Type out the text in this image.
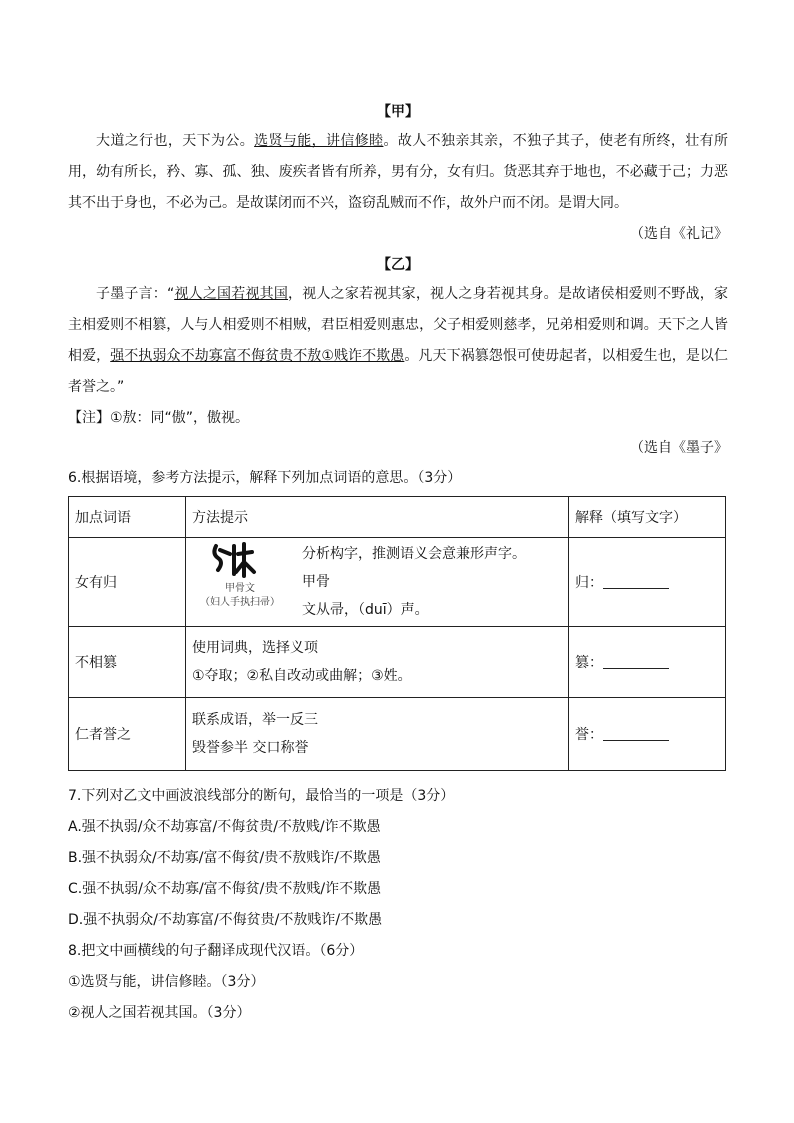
【甲】

大道之行也，天下为公。选贤与能，讲信修睦。故人不独亲其亲，不独子其子，使老有所终，壮有所用，幼有所长，矜、寡、孤、独、废疾者皆有所养，男有分，女有归。货恶其弃于地也，不必藏于己；力恶其不出于身也，不必为己。是故谋闭而不兴，盗窃乱贼而不作，故外户而不闭。是谓大同。

（选自《礼记》

【乙】

子墨子言：“视人之国若视其国，视人之家若视其家，视人之身若视其身。是故诸侯相爱则不野战，家主相爱则不相篡，人与人相爱则不相贼，君臣相爱则惠忠，父子相爱则慈孝，兄弟相爱则和调。天下之人皆相爱，强不执弱众不劫寡富不侮贫贵不敖①贱诈不欺愚。凡天下祸篡怨恨可使毋起者，以相爱生也，是以仁者誉之。”

【注】①敖：同“傲”，傲视。

（选自《墨子》

6.根据语境，参考方法提示，解释下列加点词语的意思。（3分）

加点词语	方法提示	解释（填写文字）
女有归	甲骨文
（妇人手执扫帚）
分析构字，推测语义会意兼形声字。甲骨
文从帚，（duī）声。	归：
不相篡	使用词典，选择义项
①夺取；②私自改动或曲解；③姓。	篡：
仁者誉之	联系成语，举一反三
毁誉参半 交口称誉	誉：

7.下列对乙文中画波浪线部分的断句，最恰当的一项是（3分）

A.强不执弱/众不劫寡富/不侮贫贵/不敖贱/诈不欺愚

B.强不执弱众/不劫寡/富不侮贫/贵不敖贱诈/不欺愚

C.强不执弱/众不劫寡/富不侮贫/贵不敖贱/诈不欺愚

D.强不执弱众/不劫寡富/不侮贫贵/不敖贱诈/不欺愚

8.把文中画横线的句子翻译成现代汉语。（6分）

①选贤与能，讲信修睦。（3分）

②视人之国若视其国。（3分）
